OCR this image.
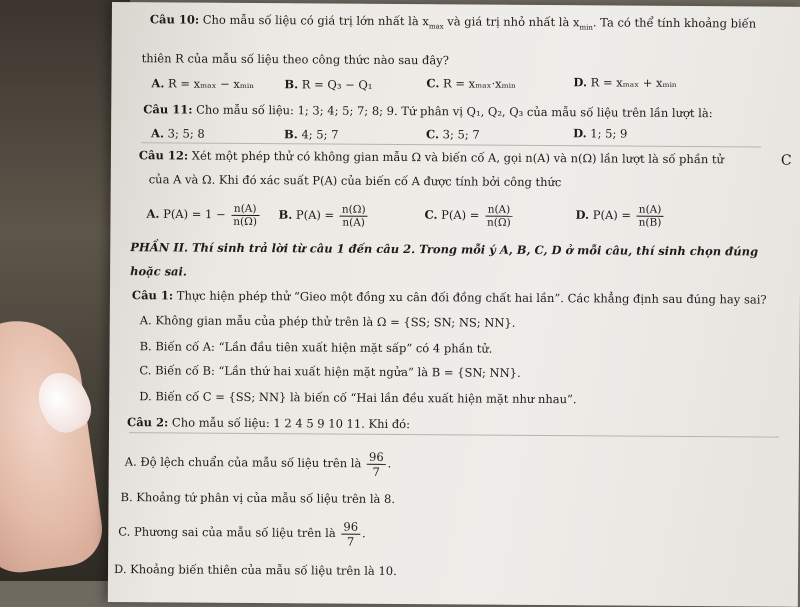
Câu 10: Cho mẫu số liệu có giá trị lớn nhất là $x_{max}$ và giá trị nhỏ nhất là $x_{min}$. Ta có thể tính khoảng biến
thiên R của mẫu số liệu theo công thức nào sau đây?
A. R = xₘₐₓ − xₘᵢₙ	B. R = Q₃ − Q₁	C. R = xₘₐₓ·xₘᵢₙ	D. R = xₘₐₓ + xₘᵢₙ
Câu 11: Cho mẫu số liệu: 1; 3; 4; 5; 7; 8; 9. Tứ phân vị Q₁, Q₂, Q₃ của mẫu số liệu trên lần lượt là:
A. 3; 5; 8	B. 4; 5; 7	C. 3; 5; 7	D. 1; 5; 9
Câu 12: Xét một phép thử có không gian mẫu Ω và biến cố A, gọi n(A) và n(Ω) lần lượt là số phần tử
của A và Ω. Khi đó xác suất P(A) của biến cố A được tính bởi công thức
C
A. $P(A) = 1 - \frac{n(A)}{n(\Omega)} B$. $P(A) = \frac{n(\Omega)}{n(A)}$	C. $P(A) = \frac{n(A)}{n(\Omega)}$	D. $P(A) = \frac{n(A)}{n(B)}$
PHẦN II. Thí sinh trả lời từ câu 1 đến câu 2. Trong mỗi ý A, B, C, D ở mỗi câu, thí sinh chọn đúng
hoặc sai.
Câu 1: Thực hiện phép thử “Gieo một đồng xu cân đối đồng chất hai lần”. Các khẳng định sau đúng hay sai?
A. Không gian mẫu của phép thử trên là Ω = {SS; SN; NS; NN}.
B. Biến cố A: “Lần đầu tiên xuất hiện mặt sấp” có 4 phần tử.
C. Biến cố B: “Lần thứ hai xuất hiện mặt ngửa” là B = {SN; NN}.
D. Biến cố C = {SS; NN} là biến cố “Hai lần đều xuất hiện mặt như nhau”.
Câu 2: Cho mẫu số liệu: 1 2 4 5 9 10 11. Khi đó:
A. Độ lệch chuẩn của mẫu số liệu trên là $\frac{96}{7}$ .
B. Khoảng tứ phân vị của mẫu số liệu trên là 8.
C. Phương sai của mẫu số liệu trên là $\frac{96}{7}$ .
D. Khoảng biến thiên của mẫu số liệu trên là 10.
